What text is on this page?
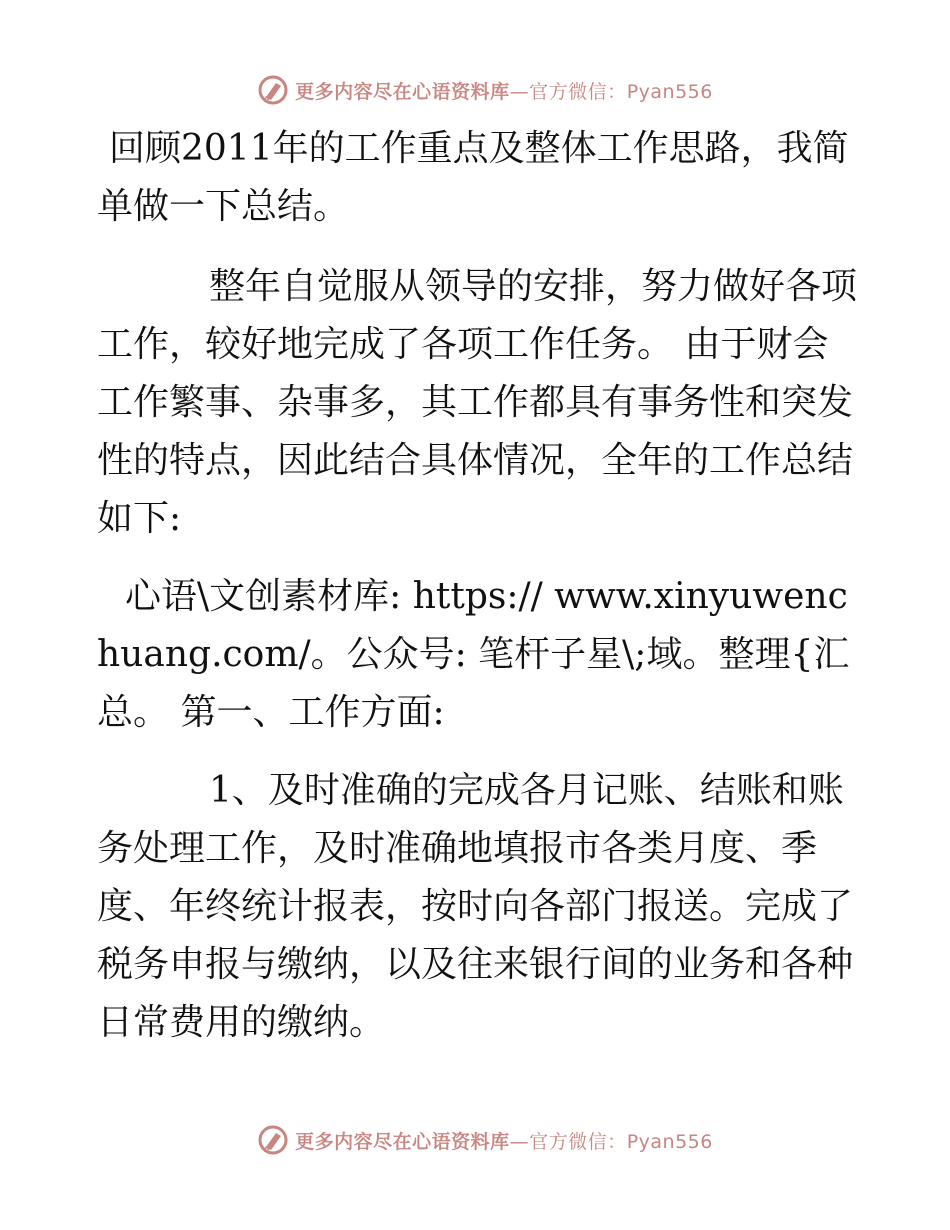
更多内容尽在心语资料库—官方微信：Pyan556

回顾2011年的工作重点及整体工作思路，我简单做一下总结。

整年自觉服从领导的安排，努力做好各项工作，较好地完成了各项工作任务。 由于财会工作繁事、杂事多，其工作都具有事务性和突发性的特点，因此结合具体情况，全年的工作总结如下:

心语\文创素材库: https:// www.xinyuwenchuang.com/。公众号: 笔杆子星\;域。整理{汇总。 第一、工作方面:

1、及时准确的完成各月记账、结账和账务处理工作，及时准确地填报市各类月度、季度、年终统计报表，按时向各部门报送。完成了税务申报与缴纳，以及往来银行间的业务和各种日常费用的缴纳。

更多内容尽在心语资料库—官方微信：Pyan556
